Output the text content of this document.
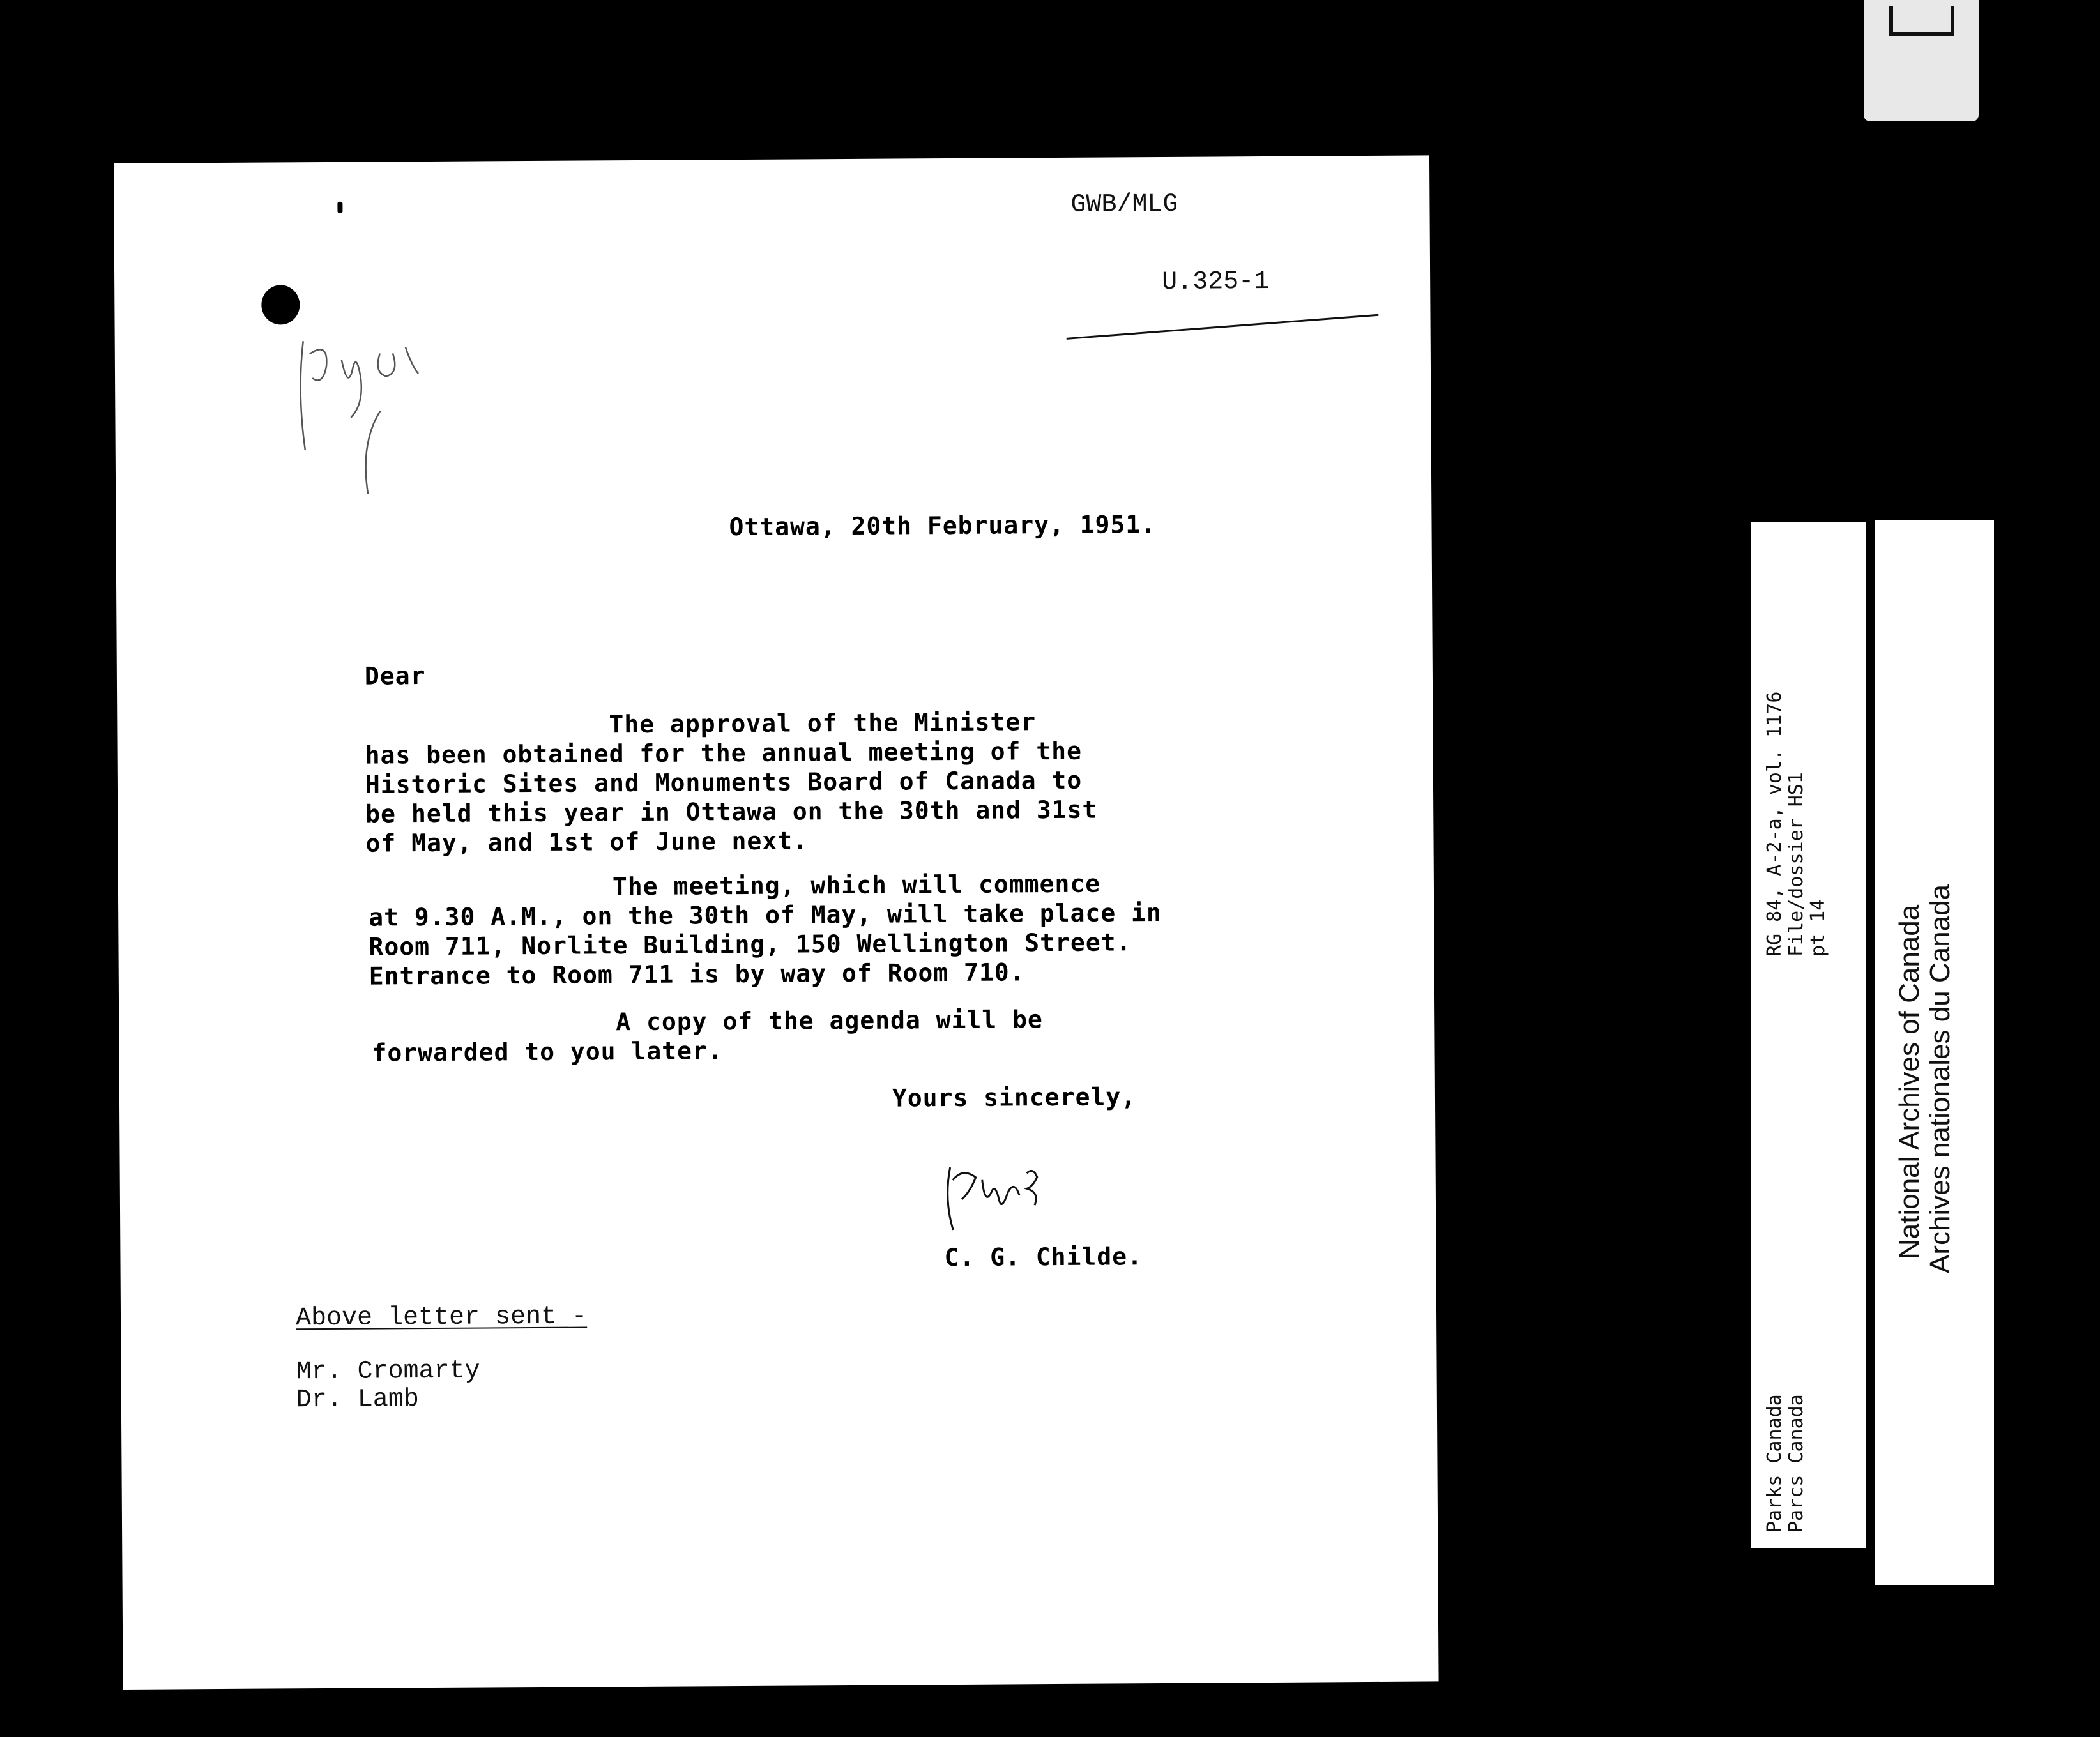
GWB/MLG
U.325-1
Ottawa, 20th February, 1951.
Dear
The approval of the Minister
has been obtained for the annual meeting of the
Historic Sites and Monuments Board of Canada to
be held this year in Ottawa on the 30th and 31st
of May, and 1st of June next.
The meeting, which will commence
at 9.30 A.M., on the 30th of May, will take place in
Room 711, Norlite Building, 150 Wellington Street.
Entrance to Room 711 is by way of Room 710.
A copy of the agenda will be
forwarded to you later.
Yours sincerely,
C. G. Childe.
Above letter sent -
Mr. Cromarty
Dr. Lamb
RG 84, A-2-a, vol. 1176 File/dossier HS1 pt 14
Parks Canada Parcs Canada
National Archives of Canada Archives nationales du Canada
